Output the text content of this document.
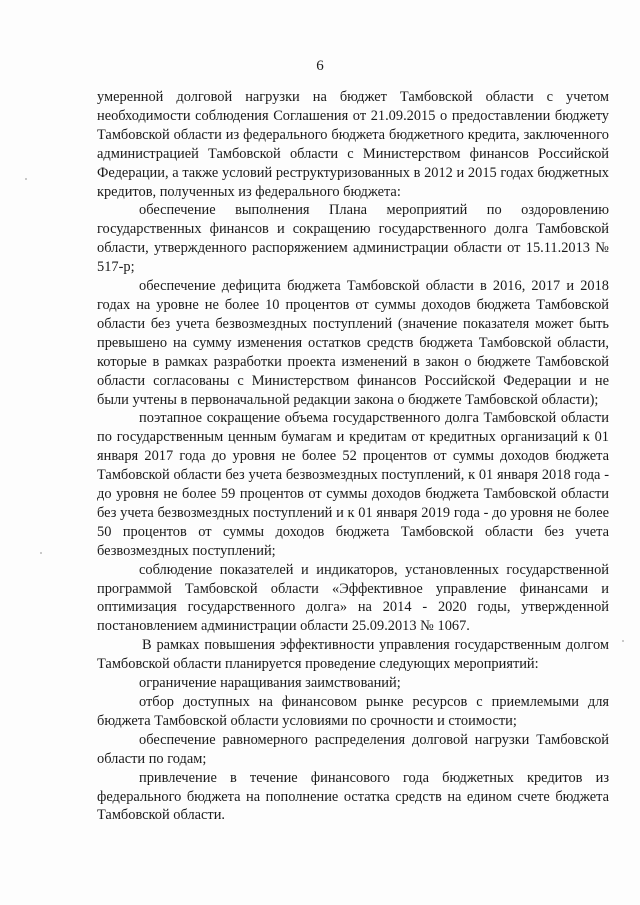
6

умеренной долговой нагрузки на бюджет Тамбовской области с учетом необходимости соблюдения Соглашения от 21.09.2015 о предоставлении бюджету Тамбовской области из федерального бюджета бюджетного кредита, заключенного администрацией Тамбовской области с Министерством финансов Российской Федерации, а также условий реструктуризованных в 2012 и 2015 годах бюджетных кредитов, полученных из федерального бюджета:

обеспечение выполнения Плана мероприятий по оздоровлению государственных финансов и сокращению государственного долга Тамбовской области, утвержденного распоряжением администрации области от 15.11.2013 № 517-р;

обеспечение дефицита бюджета Тамбовской области в 2016, 2017 и 2018 годах на уровне не более 10 процентов от суммы доходов бюджета Тамбовской области без учета безвозмездных поступлений (значение показателя может быть превышено на сумму изменения остатков средств бюджета Тамбовской области, которые в рамках разработки проекта изменений в закон о бюджете Тамбовской области согласованы с Министерством финансов Российской Федерации и не были учтены в первоначальной редакции закона о бюджете Тамбовской области);

поэтапное сокращение объема государственного долга Тамбовской области по государственным ценным бумагам и кредитам от кредитных организаций к 01 января 2017 года до уровня не более 52 процентов от суммы доходов бюджета Тамбовской области без учета безвозмездных поступлений, к 01 января 2018 года - до уровня не более 59 процентов от суммы доходов бюджета Тамбовской области без учета безвозмездных поступлений и к 01 января 2019 года - до уровня не более 50 процентов от суммы доходов бюджета Тамбовской области без учета безвозмездных поступлений;

соблюдение показателей и индикаторов, установленных государственной программой Тамбовской области «Эффективное управление финансами и оптимизация государственного долга» на 2014 - 2020 годы, утвержденной постановлением администрации области 25.09.2013 № 1067.

В рамках повышения эффективности управления государственным долгом Тамбовской области планируется проведение следующих мероприятий:

ограничение наращивания заимствований;

отбор доступных на финансовом рынке ресурсов с приемлемыми для бюджета Тамбовской области условиями по срочности и стоимости;

обеспечение равномерного распределения долговой нагрузки Тамбовской области по годам;

привлечение в течение финансового года бюджетных кредитов из федерального бюджета на пополнение остатка средств на едином счете бюджета Тамбовской области.
